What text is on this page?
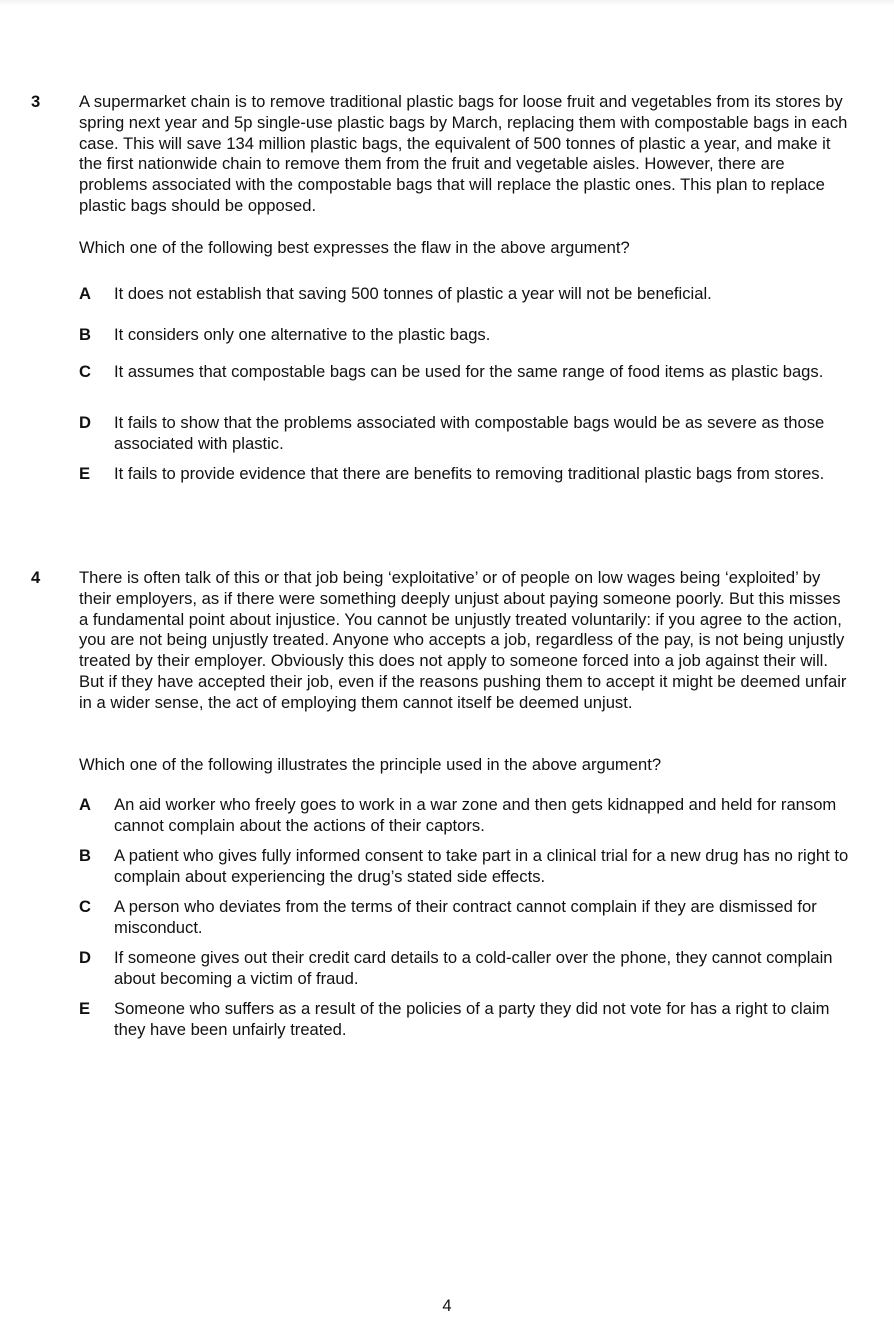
3 A supermarket chain is to remove traditional plastic bags for loose fruit and vegetables from its stores by spring next year and 5p single-use plastic bags by March, replacing them with compostable bags in each case. This will save 134 million plastic bags, the equivalent of 500 tonnes of plastic a year, and make it the first nationwide chain to remove them from the fruit and vegetable aisles. However, there are problems associated with the compostable bags that will replace the plastic ones. This plan to replace plastic bags should be opposed.

Which one of the following best expresses the flaw in the above argument?

A	It does not establish that saving 500 tonnes of plastic a year will not be beneficial.
B	It considers only one alternative to the plastic bags.
C	It assumes that compostable bags can be used for the same range of food items as plastic bags.
D	It fails to show that the problems associated with compostable bags would be as severe as those associated with plastic.
E	It fails to provide evidence that there are benefits to removing traditional plastic bags from stores.
4 There is often talk of this or that job being ‘exploitative’ or of people on low wages being ‘exploited’ by their employers, as if there were something deeply unjust about paying someone poorly. But this misses a fundamental point about injustice. You cannot be unjustly treated voluntarily: if you agree to the action, you are not being unjustly treated. Anyone who accepts a job, regardless of the pay, is not being unjustly treated by their employer. Obviously this does not apply to someone forced into a job against their will. But if they have accepted their job, even if the reasons pushing them to accept it might be deemed unfair in a wider sense, the act of employing them cannot itself be deemed unjust.

Which one of the following illustrates the principle used in the above argument?

A	An aid worker who freely goes to work in a war zone and then gets kidnapped and held for ransom cannot complain about the actions of their captors.
B	A patient who gives fully informed consent to take part in a clinical trial for a new drug has no right to complain about experiencing the drug’s stated side effects.
C	A person who deviates from the terms of their contract cannot complain if they are dismissed for misconduct.
D	If someone gives out their credit card details to a cold-caller over the phone, they cannot complain about becoming a victim of fraud.
E	Someone who suffers as a result of the policies of a party they did not vote for has a right to claim they have been unfairly treated.
4
